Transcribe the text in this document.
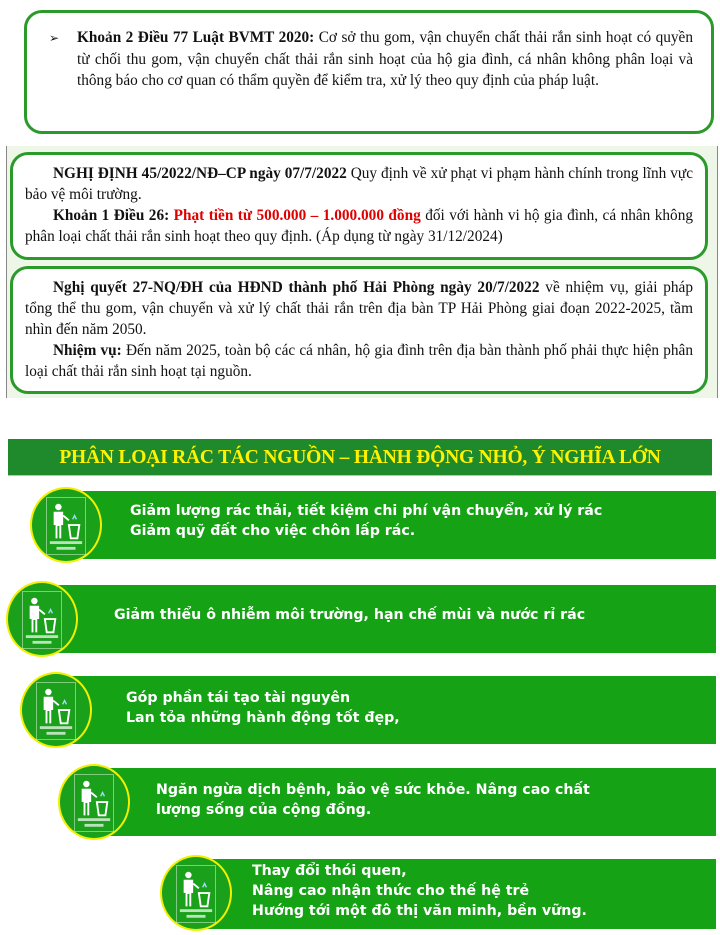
➢ Khoản 2 Điều 77 Luật BVMT 2020: Cơ sở thu gom, vận chuyển chất thải rắn sinh hoạt có quyền từ chối thu gom, vận chuyển chất thải rắn sinh hoạt của hộ gia đình, cá nhân không phân loại và thông báo cho cơ quan có thẩm quyền để kiểm tra, xử lý theo quy định của pháp luật.

NGHỊ ĐỊNH 45/2022/NĐ–CP ngày 07/7/2022 Quy định về xử phạt vi phạm hành chính trong lĩnh vực bảo vệ môi trường.

Khoản 1 Điều 26: Phạt tiền từ 500.000 – 1.000.000 đồng đối với hành vi hộ gia đình, cá nhân không phân loại chất thải rắn sinh hoạt theo quy định. (Áp dụng từ ngày 31/12/2024)

Nghị quyết 27-NQ/ĐH của HĐND thành phố Hải Phòng ngày 20/7/2022 về nhiệm vụ, giải pháp tổng thể thu gom, vận chuyển và xử lý chất thải rắn trên địa bàn TP Hải Phòng giai đoạn 2022-2025, tầm nhìn đến năm 2050.

Nhiệm vụ: Đến năm 2025, toàn bộ các cá nhân, hộ gia đình trên địa bàn thành phố phải thực hiện phân loại chất thải rắn sinh hoạt tại nguồn.

PHÂN LOẠI RÁC TÁC NGUỒN – HÀNH ĐỘNG NHỎ, Ý NGHĨA LỚN
Giảm lượng rác thải, tiết kiệm chi phí vận chuyển, xử lý rác
Giảm quỹ đất cho việc chôn lấp rác.
Giảm thiểu ô nhiễm môi trường, hạn chế mùi và nước rỉ rác
Góp phần tái tạo tài nguyên
Lan tỏa những hành động tốt đẹp,
Ngăn ngừa dịch bệnh, bảo vệ sức khỏe. Nâng cao chất
lượng sống của cộng đồng.
Thay đổi thói quen,
Nâng cao nhận thức cho thế hệ trẻ
Hướng tới một đô thị văn minh, bền vững.
